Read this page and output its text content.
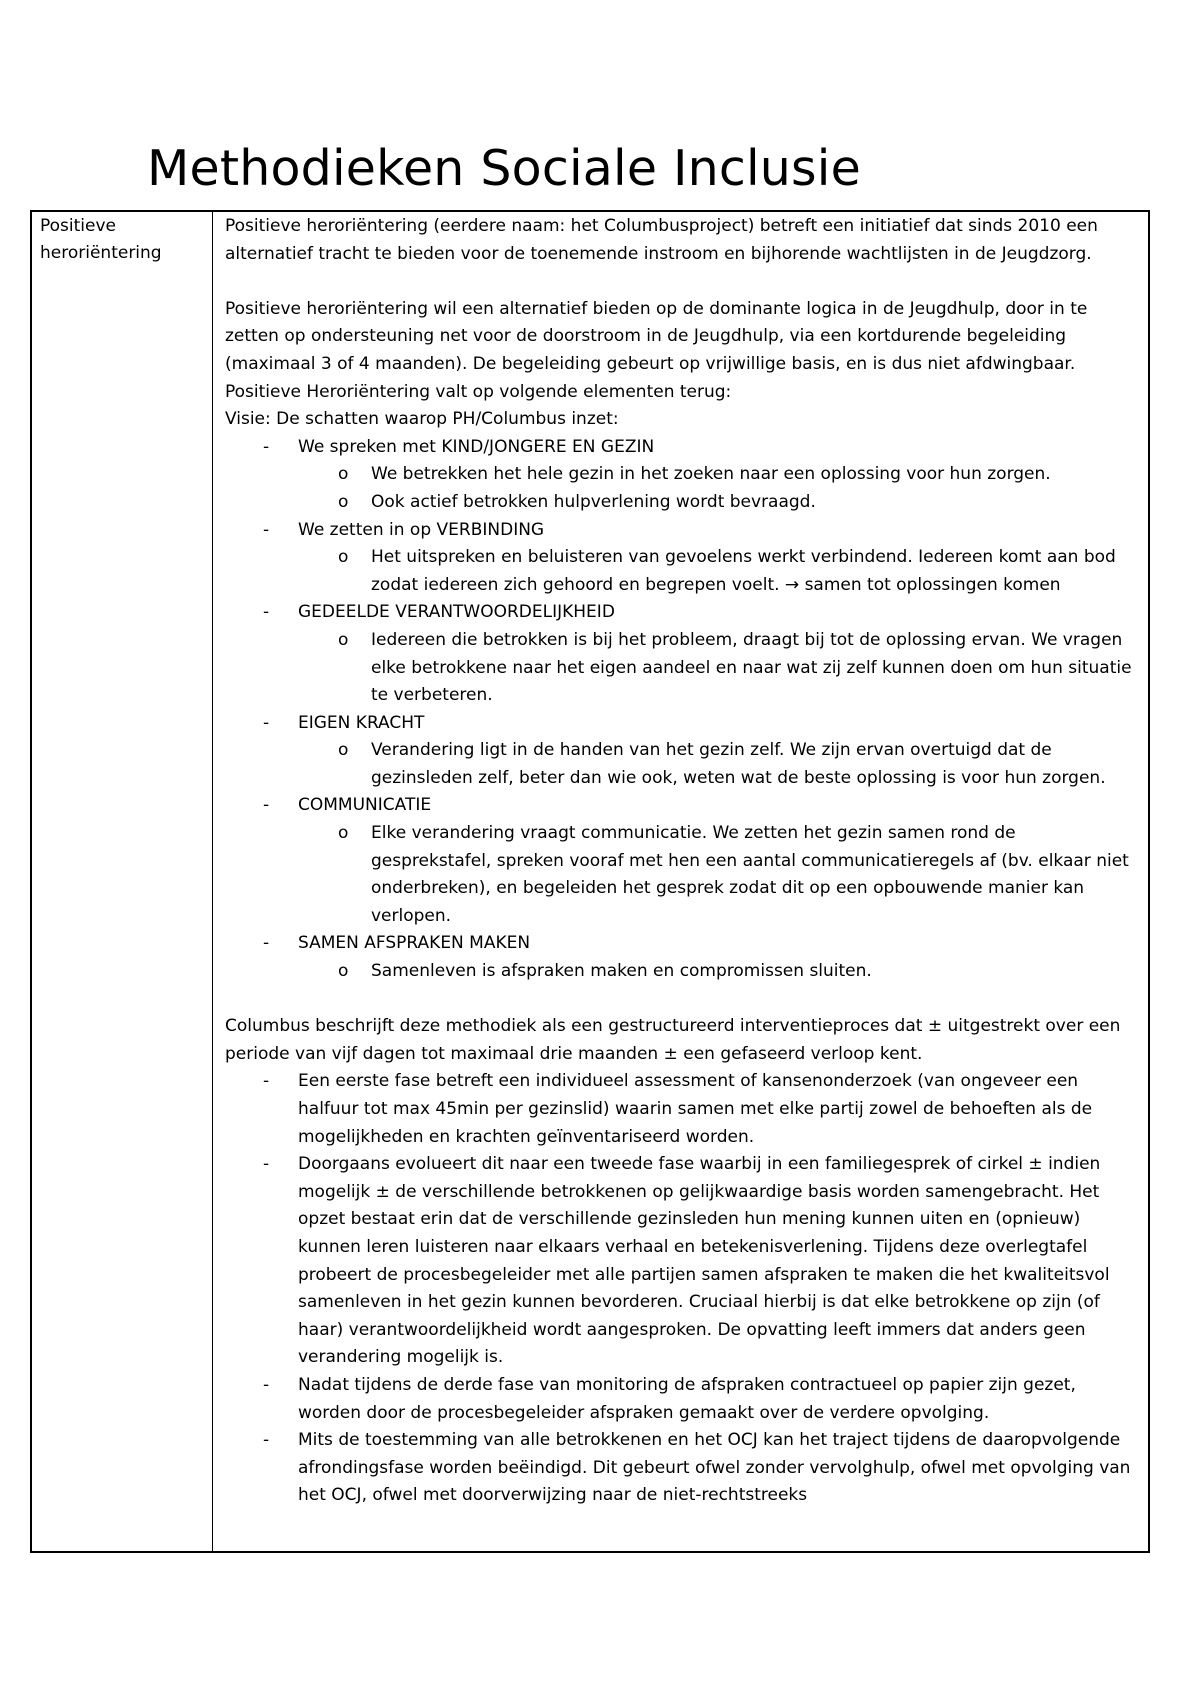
Methodieken Sociale Inclusie
Positieve heroriëntering

Positieve heroriëntering (eerdere naam: het Columbusproject) betreft een initiatief dat sinds 2010 een alternatief tracht te bieden voor de toenemende instroom en bijhorende wachtlijsten in de Jeugdzorg.

Positieve heroriëntering wil een alternatief bieden op de dominante logica in de Jeugdhulp, door in te zetten op ondersteuning net voor de doorstroom in de Jeugdhulp, via een kortdurende begeleiding (maximaal 3 of 4 maanden). De begeleiding gebeurt op vrijwillige basis, en is dus niet afdwingbaar.

Positieve Heroriëntering valt op volgende elementen terug:

Visie: De schatten waarop PH/Columbus inzet:

- We spreken met KIND/JONGERE EN GEZIN
o We betrekken het hele gezin in het zoeken naar een oplossing voor hun zorgen.
o Ook actief betrokken hulpverlening wordt bevraagd.
- We zetten in op VERBINDING
o Het uitspreken en beluisteren van gevoelens werkt verbindend. Iedereen komt aan bod zodat iedereen zich gehoord en begrepen voelt. → samen tot oplossingen komen
- GEDEELDE VERANTWOORDELIJKHEID
o Iedereen die betrokken is bij het probleem, draagt bij tot de oplossing ervan. We vragen elke betrokkene naar het eigen aandeel en naar wat zij zelf kunnen doen om hun situatie te verbeteren.
- EIGEN KRACHT
o Verandering ligt in de handen van het gezin zelf. We zijn ervan overtuigd dat de gezinsleden zelf, beter dan wie ook, weten wat de beste oplossing is voor hun zorgen.
- COMMUNICATIE
o Elke verandering vraagt communicatie. We zetten het gezin samen rond de gesprekstafel, spreken vooraf met hen een aantal communicatieregels af (bv. elkaar niet onderbreken), en begeleiden het gesprek zodat dit op een opbouwende manier kan verlopen.
- SAMEN AFSPRAKEN MAKEN
o Samenleven is afspraken maken en compromissen sluiten.

Columbus beschrijft deze methodiek als een gestructureerd interventieproces dat ± uitgestrekt over een periode van vijf dagen tot maximaal drie maanden ± een gefaseerd verloop kent.

- Een eerste fase betreft een individueel assessment of kansenonderzoek (van ongeveer een halfuur tot max 45min per gezinslid) waarin samen met elke partij zowel de behoeften als de mogelijkheden en krachten geïnventariseerd worden.
- Doorgaans evolueert dit naar een tweede fase waarbij in een familiegesprek of cirkel ± indien mogelijk ± de verschillende betrokkenen op gelijkwaardige basis worden samengebracht. Het opzet bestaat erin dat de verschillende gezinsleden hun mening kunnen uiten en (opnieuw) kunnen leren luisteren naar elkaars verhaal en betekenisverlening. Tijdens deze overlegtafel probeert de procesbegeleider met alle partijen samen afspraken te maken die het kwaliteitsvol samenleven in het gezin kunnen bevorderen. Cruciaal hierbij is dat elke betrokkene op zijn (of haar) verantwoordelijkheid wordt aangesproken. De opvatting leeft immers dat anders geen verandering mogelijk is.
- Nadat tijdens de derde fase van monitoring de afspraken contractueel op papier zijn gezet, worden door de procesbegeleider afspraken gemaakt over de verdere opvolging.
- Mits de toestemming van alle betrokkenen en het OCJ kan het traject tijdens de daaropvolgende afrondingsfase worden beëindigd. Dit gebeurt ofwel zonder vervolghulp, ofwel met opvolging van het OCJ, ofwel met doorverwijzing naar de niet-rechtstreeks
